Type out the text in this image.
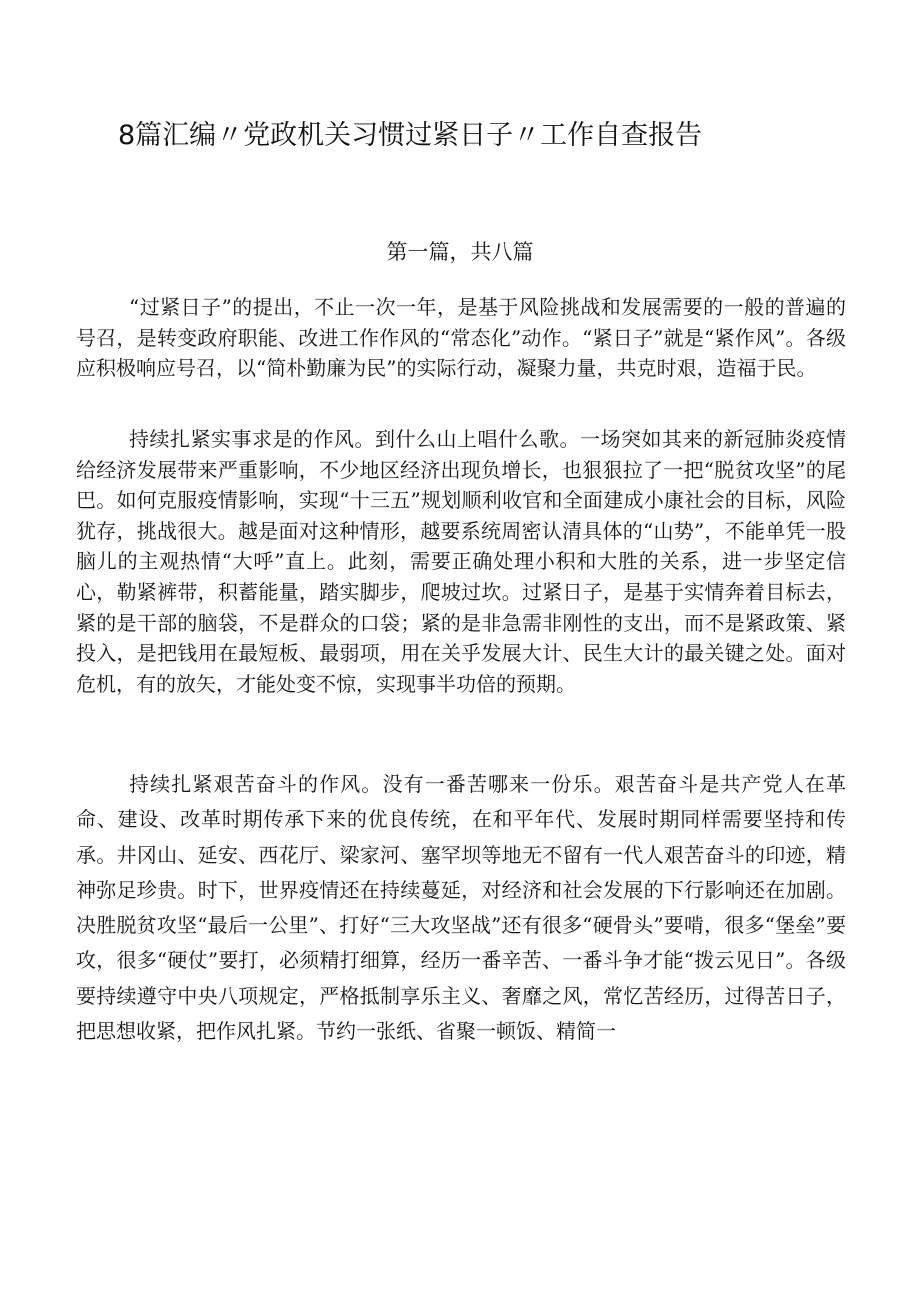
8篇汇编〃党政机关习惯过紧日子〃工作自查报告
第一篇，共八篇

“过紧日子”的提出，不止一次一年，是基于风险挑战和发展需要的一般的普遍的号召，是转变政府职能、改进工作作风的“常态化”动作。“紧日子”就是“紧作风”。各级应积极响应号召，以“简朴勤廉为民”的实际行动，凝聚力量，共克时艰，造福于民。

持续扎紧实事求是的作风。到什么山上唱什么歌。一场突如其来的新冠肺炎疫情给经济发展带来严重影响，不少地区经济出现负增长，也狠狠拉了一把“脱贫攻坚”的尾巴。如何克服疫情影响，实现“十三五”规划顺利收官和全面建成小康社会的目标，风险犹存，挑战很大。越是面对这种情形，越要系统周密认清具体的“山势”，不能单凭一股脑儿的主观热情“大呼”直上。此刻，需要正确处理小积和大胜的关系，进一步坚定信心，勒紧裤带，积蓄能量，踏实脚步，爬坡过坎。过紧日子，是基于实情奔着目标去，紧的是干部的脑袋，不是群众的口袋；紧的是非急需非刚性的支出，而不是紧政策、紧投入，是把钱用在最短板、最弱项，用在关乎发展大计、民生大计的最关键之处。面对危机，有的放矢，才能处变不惊，实现事半功倍的预期。

持续扎紧艰苦奋斗的作风。没有一番苦哪来一份乐。艰苦奋斗是共产党人在革命、建设、改革时期传承下来的优良传统，在和平年代、发展时期同样需要坚持和传承。井冈山、延安、西花厅、梁家河、塞罕坝等地无不留有一代人艰苦奋斗的印迹，精神弥足珍贵。时下，世界疫情还在持续蔓延，对经济和社会发展的下行影响还在加剧。决胜脱贫攻坚“最后一公里”、打好“三大攻坚战”还有很多“硬骨头”要啃，很多“堡垒”要攻，很多“硬仗”要打，必须精打细算，经历一番辛苦、一番斗争才能“拨云见日”。各级要持续遵守中央八项规定，严格抵制享乐主义、奢靡之风，常忆苦经历，过得苦日子，把思想收紧，把作风扎紧。节约一张纸、省聚一顿饭、精简一
